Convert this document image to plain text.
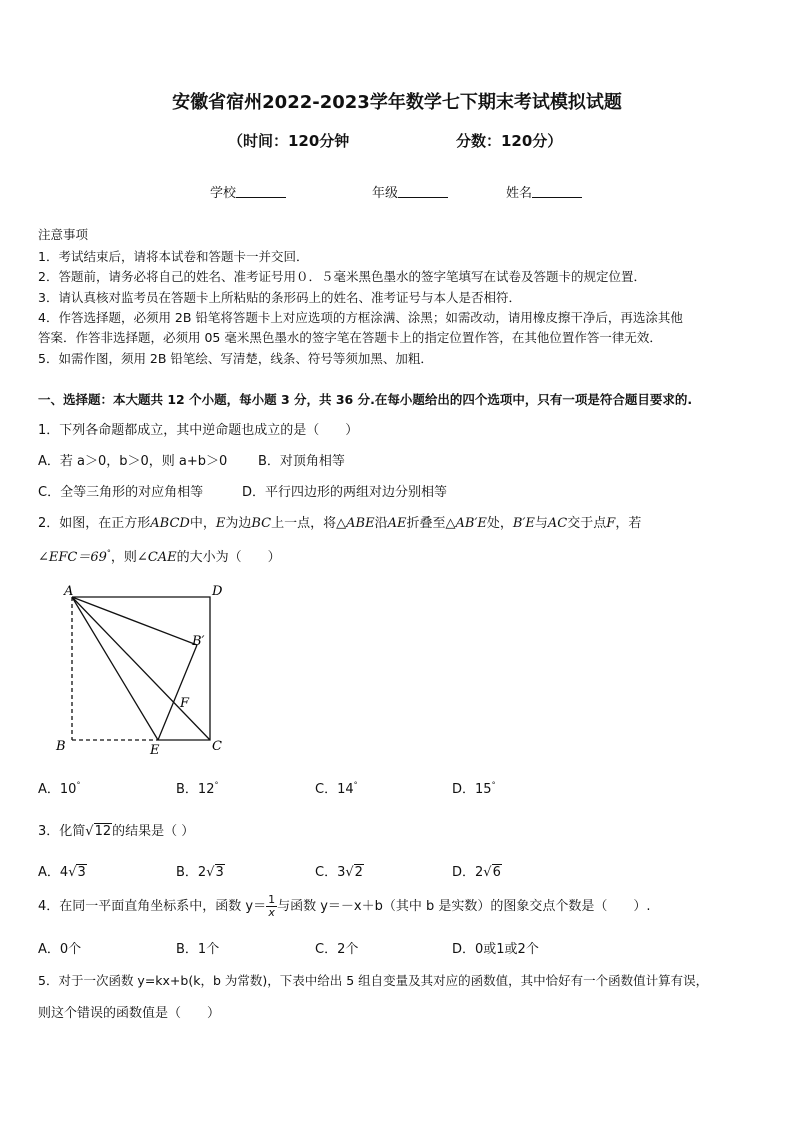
安徽省宿州2022-2023学年数学七下期末考试模拟试题
（时间：120分钟	分数：120分）
学校	年级	姓名
注意事项
1．考试结束后，请将本试卷和答题卡一并交回．
2．答题前，请务必将自己的姓名、准考证号用０．５毫米黑色墨水的签字笔填写在试卷及答题卡的规定位置．
3．请认真核对监考员在答题卡上所粘贴的条形码上的姓名、准考证号与本人是否相符．
4．作答选择题，必须用 2B 铅笔将答题卡上对应选项的方框涂满、涂黑；如需改动，请用橡皮擦干净后，再选涂其他
答案．作答非选择题，必须用 05 毫米黑色墨水的签字笔在答题卡上的指定位置作答，在其他位置作答一律无效．
5．如需作图，须用 2B 铅笔绘、写清楚，线条、符号等须加黑、加粗．
一、选择题：本大题共 12 个小题，每小题 3 分，共 36 分.在每小题给出的四个选项中，只有一项是符合题目要求的.
1．下列各命题都成立，其中逆命题也成立的是（　　）
A．若 a＞0，b＞0，则 a+b＞0 B．对顶角相等
C．全等三角形的对应角相等	D．平行四边形的两组对边分别相等
2．如图，在正方形ABCD中，E为边BC上一点，将△ABE沿AE折叠至△AB′E处，B′E与AC交于点F，若
∠EFC＝69°，则∠CAE的大小为（　　）
A	D
B′
F
B	E	C
A．10°	B．12°	C．14°	D．15°
3．化简√12的结果是（ ）
A．4√3	B．2√3	C．3√2	D．2√6
4．在同一平面直角坐标系中，函数 $y= \frac{1}{x}$ 与函数 y＝－x＋b（其中 b 是实数）的图象交点个数是（　　）.
A．0个	B．1个	C．2个	D．0或1或2个
5．对于一次函数 y=kx+b(k，b 为常数)，下表中给出 5 组自变量及其对应的函数值，其中恰好有一个函数值计算有误，
则这个错误的函数值是（　　）
